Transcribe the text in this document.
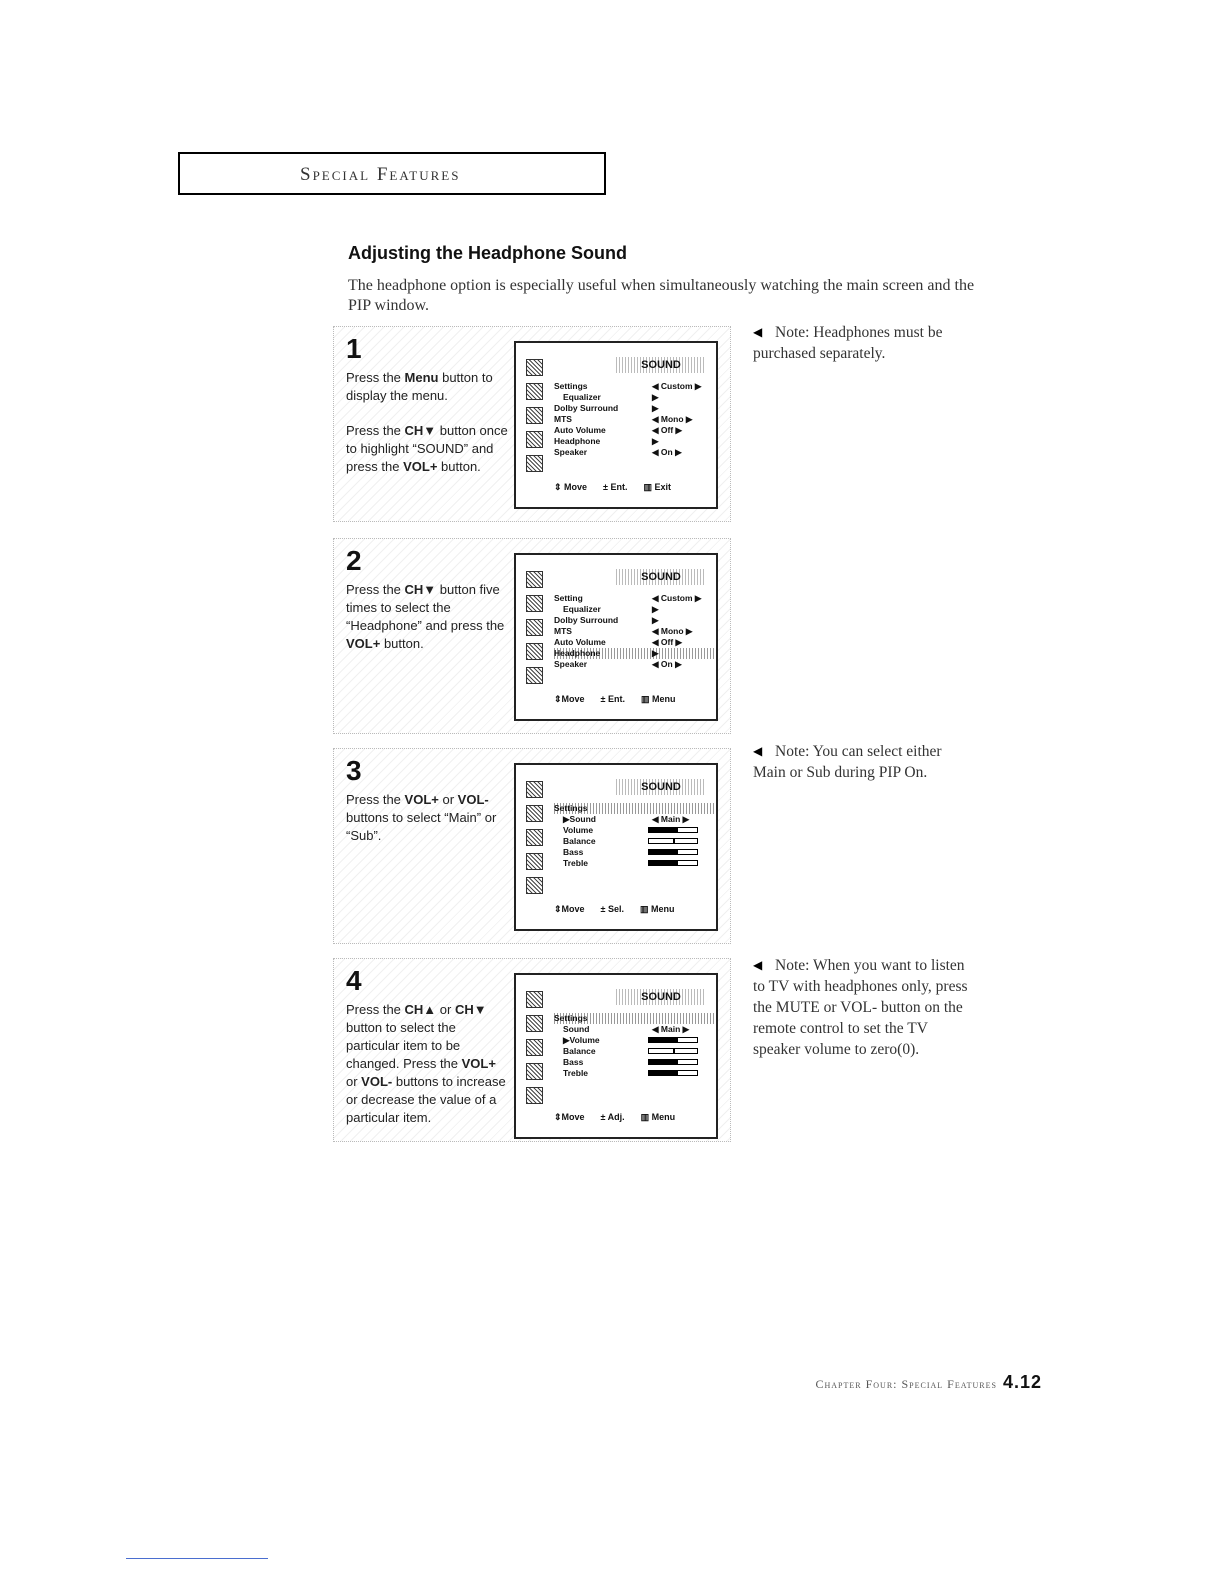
Special Features
Adjusting the Headphone Sound
The headphone option is especially useful when simultaneously watching the main screen and the PIP window.
1

Press the Menu button to display the menu.

Press the CH▼ button once to highlight “SOUND” and press the VOL+ button.

SOUND
Settings	◀ Custom ▶
Equalizer	▶
Dolby Surround	▶
MTS	◀ Mono ▶
Auto Volume	◀ Off ▶
Headphone	▶
Speaker	◀ On ▶
⇕ Move ± Ent. ▥ Exit
2

Press the CH▼ button five times to select the “Headphone” and press the VOL+ button.

SOUND
Setting	◀ Custom ▶
Equalizer	▶
Dolby Surround	▶
MTS	◀ Mono ▶
Auto Volume	◀ Off ▶
Headphone	▶
Speaker	◀ On ▶
⇕Move ± Ent. ▥ Menu
3

Press the VOL+ or VOL- buttons to select “Main” or “Sub”.

SOUND
Settings
▶Sound	◀ Main ▶
Volume
Balance
Bass
Treble
⇕Move ± Sel. ▥ Menu
4

Press the CH▲ or CH▼ button to select the particular item to be changed. Press the VOL+ or VOL- buttons to increase or decrease the value of a particular item.

SOUND
Settings
Sound	◀ Main ▶
▶Volume
Balance
Bass
Treble
⇕Move ± Adj. ▥ Menu
◀ Note: Headphones must be purchased separately.
◀ Note: You can select either Main or Sub during PIP On.
◀ Note: When you want to listen to TV with headphones only, press the MUTE or VOL- button on the remote control to set the TV speaker volume to zero(0).
Chapter Four: Special Features 4.12
